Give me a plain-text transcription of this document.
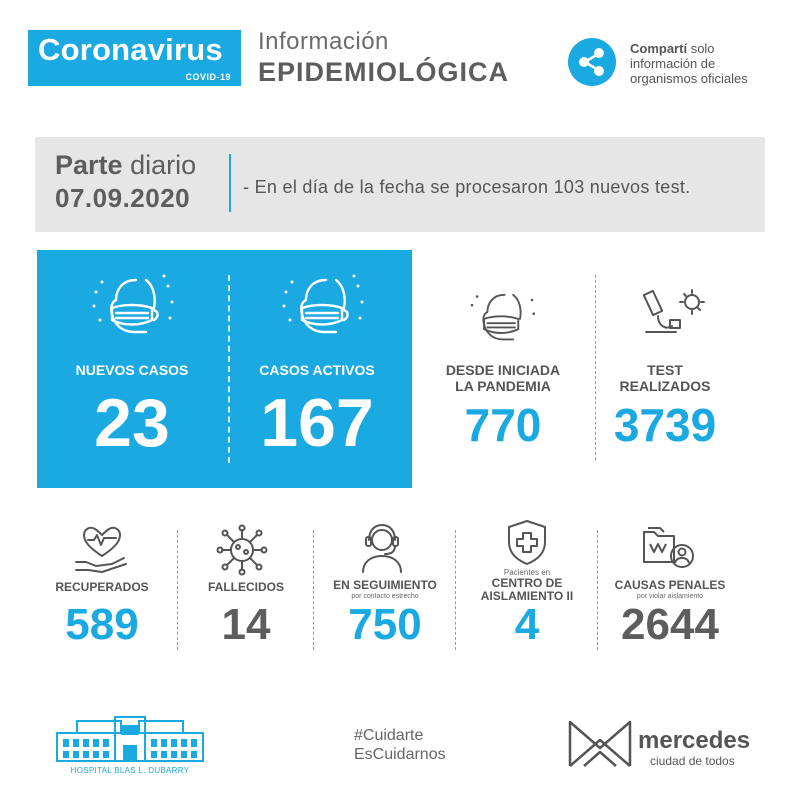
Coronavirus
COVID-19
Información
EPIDEMIOLÓGICA
Compartí solo
información de
organismos oficiales
Parte diario
07.09.2020	- En el día de la fecha se procesaron 103 nuevos test.
NUEVOS CASOS
23
CASOS ACTIVOS
167
DESDE INICIADA
LA PANDEMIA
770
TEST
REALIZADOS
3739
RECUPERADOS
589
FALLECIDOS
14
EN SEGUIMIENTO
por contacto estrecho
750
Pacientes en
CENTRO DE
AISLAMIENTO II
4
CAUSAS PENALES
por violar aislamiento
2644
HOSPITAL BLAS L. DUBARRY
#Cuidarte
EsCuidarnos
mercedes
ciudad de todos
